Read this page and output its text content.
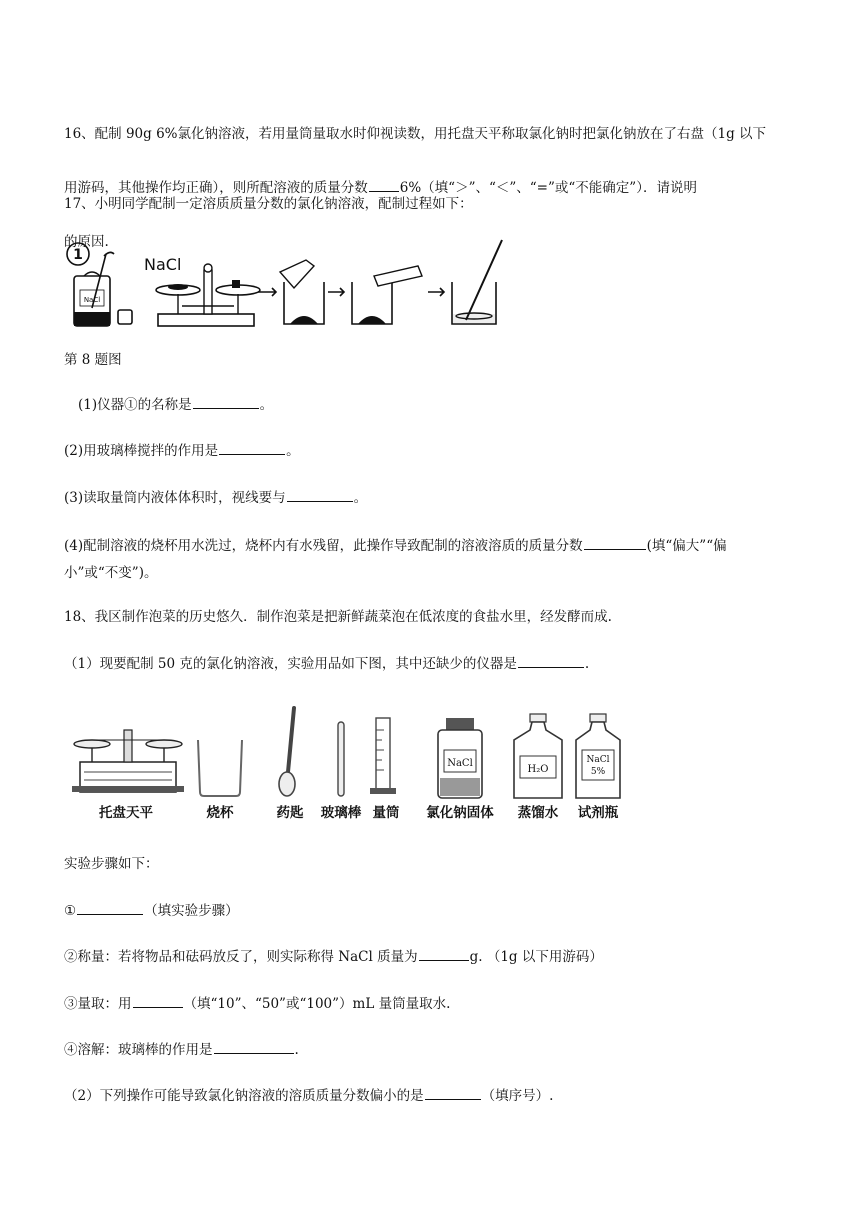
16、配制 90g 6%氯化钠溶液，若用量筒量取水时仰视读数，用托盘天平称取氯化钠时把氯化钠放在了右盘（1g 以下

用游码，其他操作均正确），则所配溶液的质量分数 6%（填“＞”、“＜”、“=”或“不能确定”）．请说明

的原因.

17、小明同学配制一定溶质质量分数的氯化钠溶液，配制过程如下：
1
NaCl
NaCl
第 8 题图
(1)仪器①的名称是	。
(2)用玻璃棒搅拌的作用是	。
(3)读取量筒内液体体积时，视线要与	。
(4)配制溶液的烧杯用水洗过，烧杯内有水残留，此操作导致配制的溶液溶质的质量分数	(填“偏大”“偏
小”或“不变”)。
18、我区制作泡菜的历史悠久．制作泡菜是把新鲜蔬菜泡在低浓度的食盐水里，经发酵而成.
（1）现要配制 50 克的氯化钠溶液，实验用品如下图，其中还缺少的仪器是	.
NaCl
H₂O
NaCl
5%
托盘天平	烧杯	药匙 玻璃棒 量筒 氯化钠固体 蒸馏水 试剂瓶
实验步骤如下：
①	（填实验步骤）
②称量：若将物品和砝码放反了，则实际称得 NaCl 质量为	g. （1g 以下用游码）
③量取：用	（填“10”、“50”或“100”）mL 量筒量取水.
④溶解：玻璃棒的作用是	.
（2）下列操作可能导致氯化钠溶液的溶质质量分数偏小的是	（填序号）.
